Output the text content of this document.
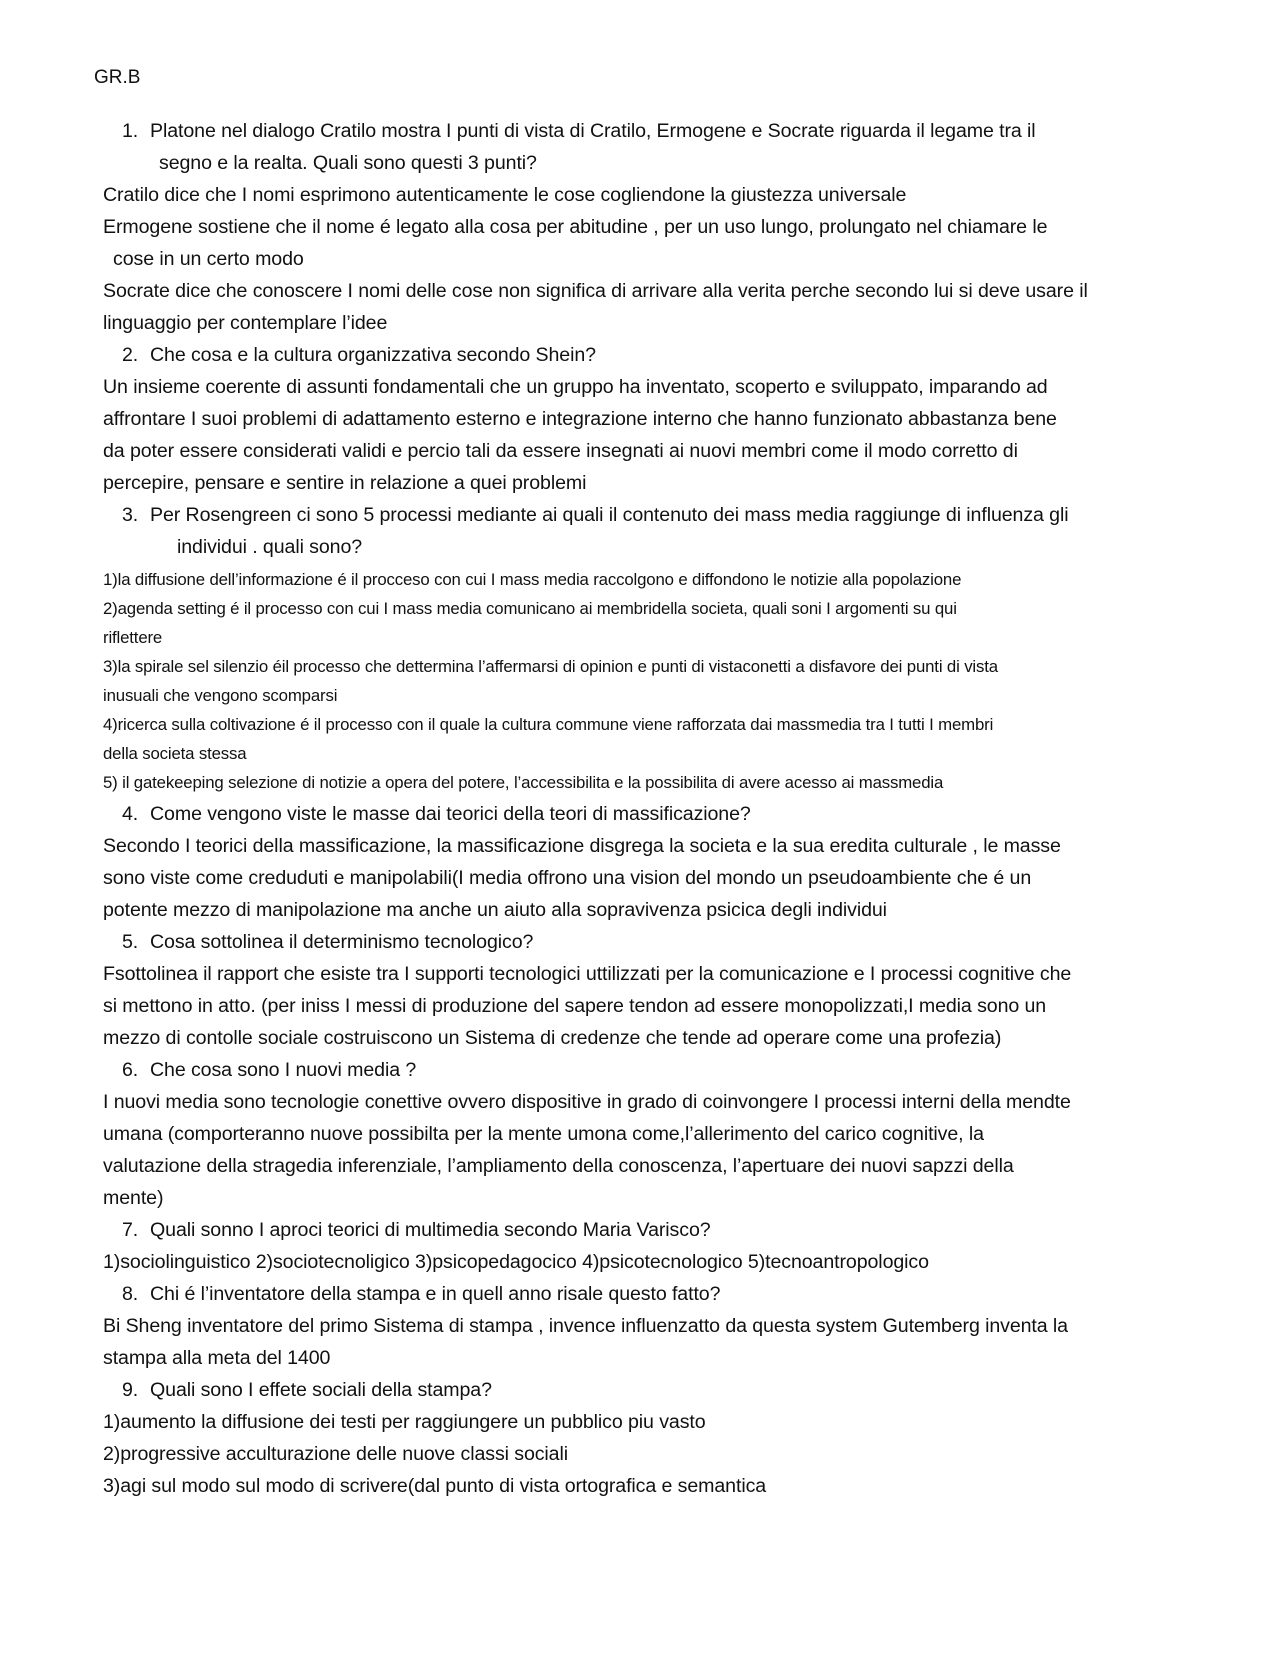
GR.B

1. Platone nel dialogo Cratilo mostra I punti di vista di Cratilo, Ermogene e Socrate riguarda il legame tra il

segno e la realta. Quali sono questi 3 punti?

Cratilo dice che I nomi esprimono autenticamente le cose cogliendone la giustezza universale

Ermogene sostiene che il nome é legato alla cosa per abitudine , per un uso lungo, prolungato nel chiamare le

cose in un certo modo

Socrate dice che conoscere I nomi delle cose non significa di arrivare alla verita perche secondo lui si deve usare il

linguaggio per contemplare l’idee

2. Che cosa e la cultura organizzativa secondo Shein?

Un insieme coerente di assunti fondamentali che un gruppo ha inventato, scoperto e sviluppato, imparando ad

affrontare I suoi problemi di adattamento esterno e integrazione interno che hanno funzionato abbastanza bene

da poter essere considerati validi e percio tali da essere insegnati ai nuovi membri come il modo corretto di

percepire, pensare e sentire in relazione a quei problemi

3. Per Rosengreen ci sono 5 processi mediante ai quali il contenuto dei mass media raggiunge di influenza gli

individui . quali sono?

1)la diffusione dell’informazione é il procceso con cui I mass media raccolgono e diffondono le notizie alla popolazione

2)agenda setting é il processo con cui I mass media comunicano ai membridella societa, quali soni I argomenti su qui

riflettere

3)la spirale sel silenzio éil processo che dettermina l’affermarsi di opinion e punti di vistaconetti a disfavore dei punti di vista

inusuali che vengono scomparsi

4)ricerca sulla coltivazione é il processo con il quale la cultura commune viene rafforzata dai massmedia tra I tutti I membri

della societa stessa

5) il gatekeeping selezione di notizie a opera del potere, l’accessibilita e la possibilita di avere acesso ai massmedia

4. Come vengono viste le masse dai teorici della teori di massificazione?

Secondo I teorici della massificazione, la massificazione disgrega la societa e la sua eredita culturale , le masse

sono viste come creduduti e manipolabili(I media offrono una vision del mondo un pseudoambiente che é un

potente mezzo di manipolazione ma anche un aiuto alla sopravivenza psicica degli individui

5. Cosa sottolinea il determinismo tecnologico?

Fsottolinea il rapport che esiste tra I supporti tecnologici uttilizzati per la comunicazione e I processi cognitive che

si mettono in atto. (per iniss I messi di produzione del sapere tendon ad essere monopolizzati,I media sono un

mezzo di contolle sociale costruiscono un Sistema di credenze che tende ad operare come una profezia)

6. Che cosa sono I nuovi media ?

I nuovi media sono tecnologie conettive ovvero dispositive in grado di coinvongere I processi interni della mendte

umana (comporteranno nuove possibilta per la mente umona come,l’allerimento del carico cognitive, la

valutazione della stragedia inferenziale, l’ampliamento della conoscenza, l’apertuare dei nuovi sapzzi della

mente)

7. Quali sonno I aproci teorici di multimedia secondo Maria Varisco?

1)sociolinguistico 2)sociotecnoligico 3)psicopedagocico 4)psicotecnologico 5)tecnoantropologico

8. Chi é l’inventatore della stampa e in quell anno risale questo fatto?

Bi Sheng inventatore del primo Sistema di stampa , invence influenzatto da questa system Gutemberg inventa la

stampa alla meta del 1400

9. Quali sono I effete sociali della stampa?

1)aumento la diffusione dei testi per raggiungere un pubblico piu vasto

2)progressive acculturazione delle nuove classi sociali

3)agi sul modo sul modo di scrivere(dal punto di vista ortografica e semantica
